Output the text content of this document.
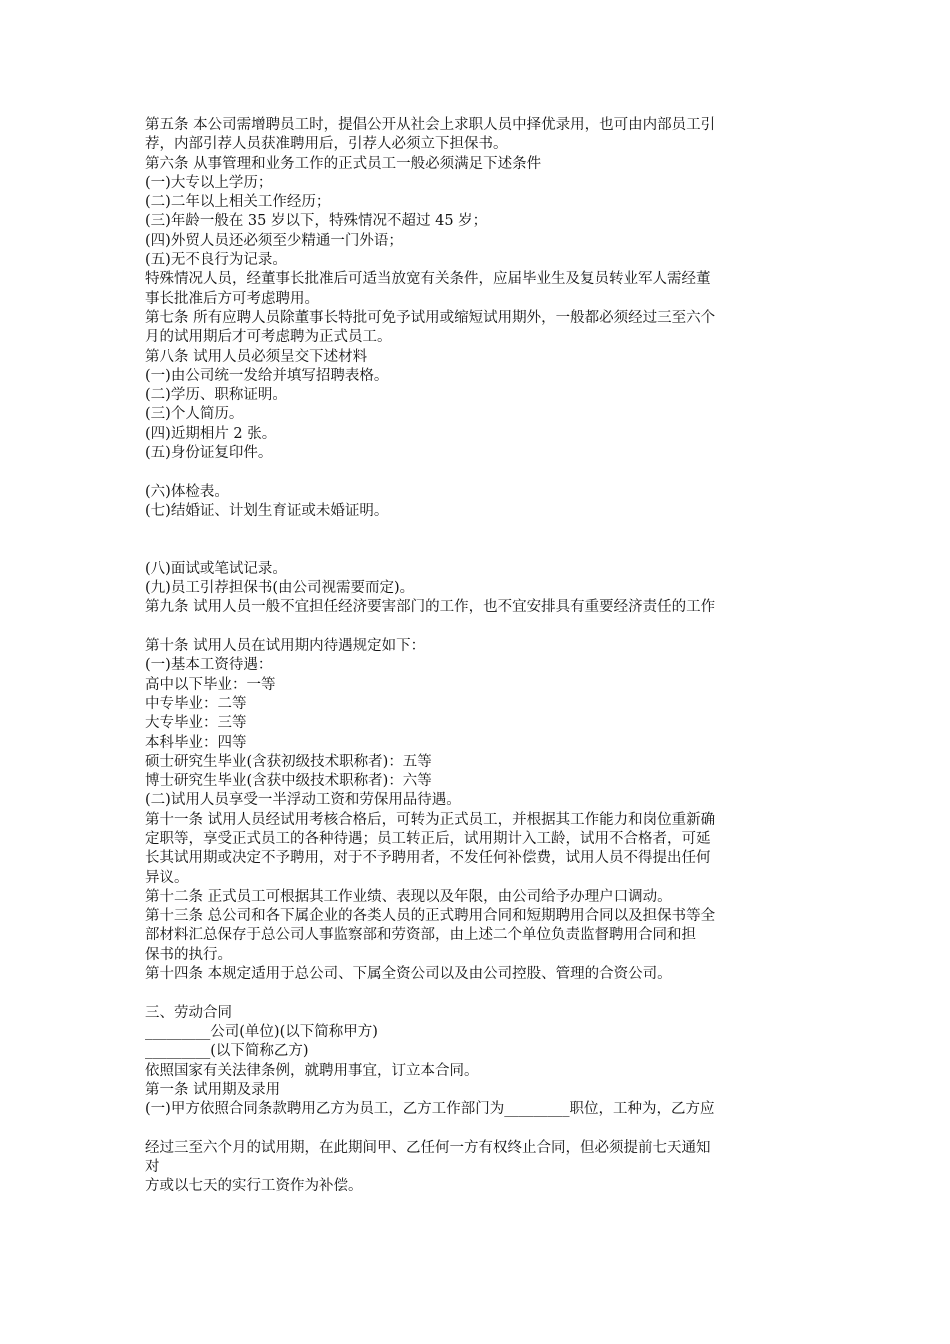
第五条 本公司需增聘员工时，提倡公开从社会上求职人员中择优录用，也可由内部员工引
荐，内部引荐人员获准聘用后，引荐人必须立下担保书。
第六条 从事管理和业务工作的正式员工一般必须满足下述条件
(一)大专以上学历；
(二)二年以上相关工作经历；
(三)年龄一般在 35 岁以下，特殊情况不超过 45 岁；
(四)外贸人员还必须至少精通一门外语；
(五)无不良行为记录。
特殊情况人员，经董事长批准后可适当放宽有关条件，应届毕业生及复员转业军人需经董
事长批准后方可考虑聘用。
第七条 所有应聘人员除董事长特批可免予试用或缩短试用期外，一般都必须经过三至六个
月的试用期后才可考虑聘为正式员工。
第八条 试用人员必须呈交下述材料
(一)由公司统一发给并填写招聘表格。
(二)学历、职称证明。
(三)个人简历。
(四)近期相片 2 张。
(五)身份证复印件。
(六)体检表。
(七)结婚证、计划生育证或未婚证明。
(八)面试或笔试记录。
(九)员工引荐担保书(由公司视需要而定)。
第九条 试用人员一般不宜担任经济要害部门的工作，也不宜安排具有重要经济责任的工作
第十条 试用人员在试用期内待遇规定如下：
(一)基本工资待遇：
高中以下毕业：一等
中专毕业：二等
大专毕业：三等
本科毕业：四等
硕士研究生毕业(含获初级技术职称者)：五等
博士研究生毕业(含获中级技术职称者)：六等
(二)试用人员享受一半浮动工资和劳保用品待遇。
第十一条 试用人员经试用考核合格后，可转为正式员工，并根据其工作能力和岗位重新确
定职等，享受正式员工的各种待遇；员工转正后，试用期计入工龄，试用不合格者，可延
长其试用期或决定不予聘用，对于不予聘用者，不发任何补偿费，试用人员不得提出任何
异议。
第十二条 正式员工可根据其工作业绩、表现以及年限，由公司给予办理户口调动。
第十三条 总公司和各下属企业的各类人员的正式聘用合同和短期聘用合同以及担保书等全
部材料汇总保存于总公司人事监察部和劳资部，由上述二个单位负责监督聘用合同和担
保书的执行。
第十四条 本规定适用于总公司、下属全资公司以及由公司控股、管理的合资公司。
三、劳动合同
_________公司(单位)(以下简称甲方)
_________(以下简称乙方)
依照国家有关法律条例，就聘用事宜，订立本合同。
第一条 试用期及录用
(一)甲方依照合同条款聘用乙方为员工，乙方工作部门为_________职位，工种为，乙方应
经过三至六个月的试用期，在此期间甲、乙任何一方有权终止合同，但必须提前七天通知
对
方或以七天的实行工资作为补偿。
